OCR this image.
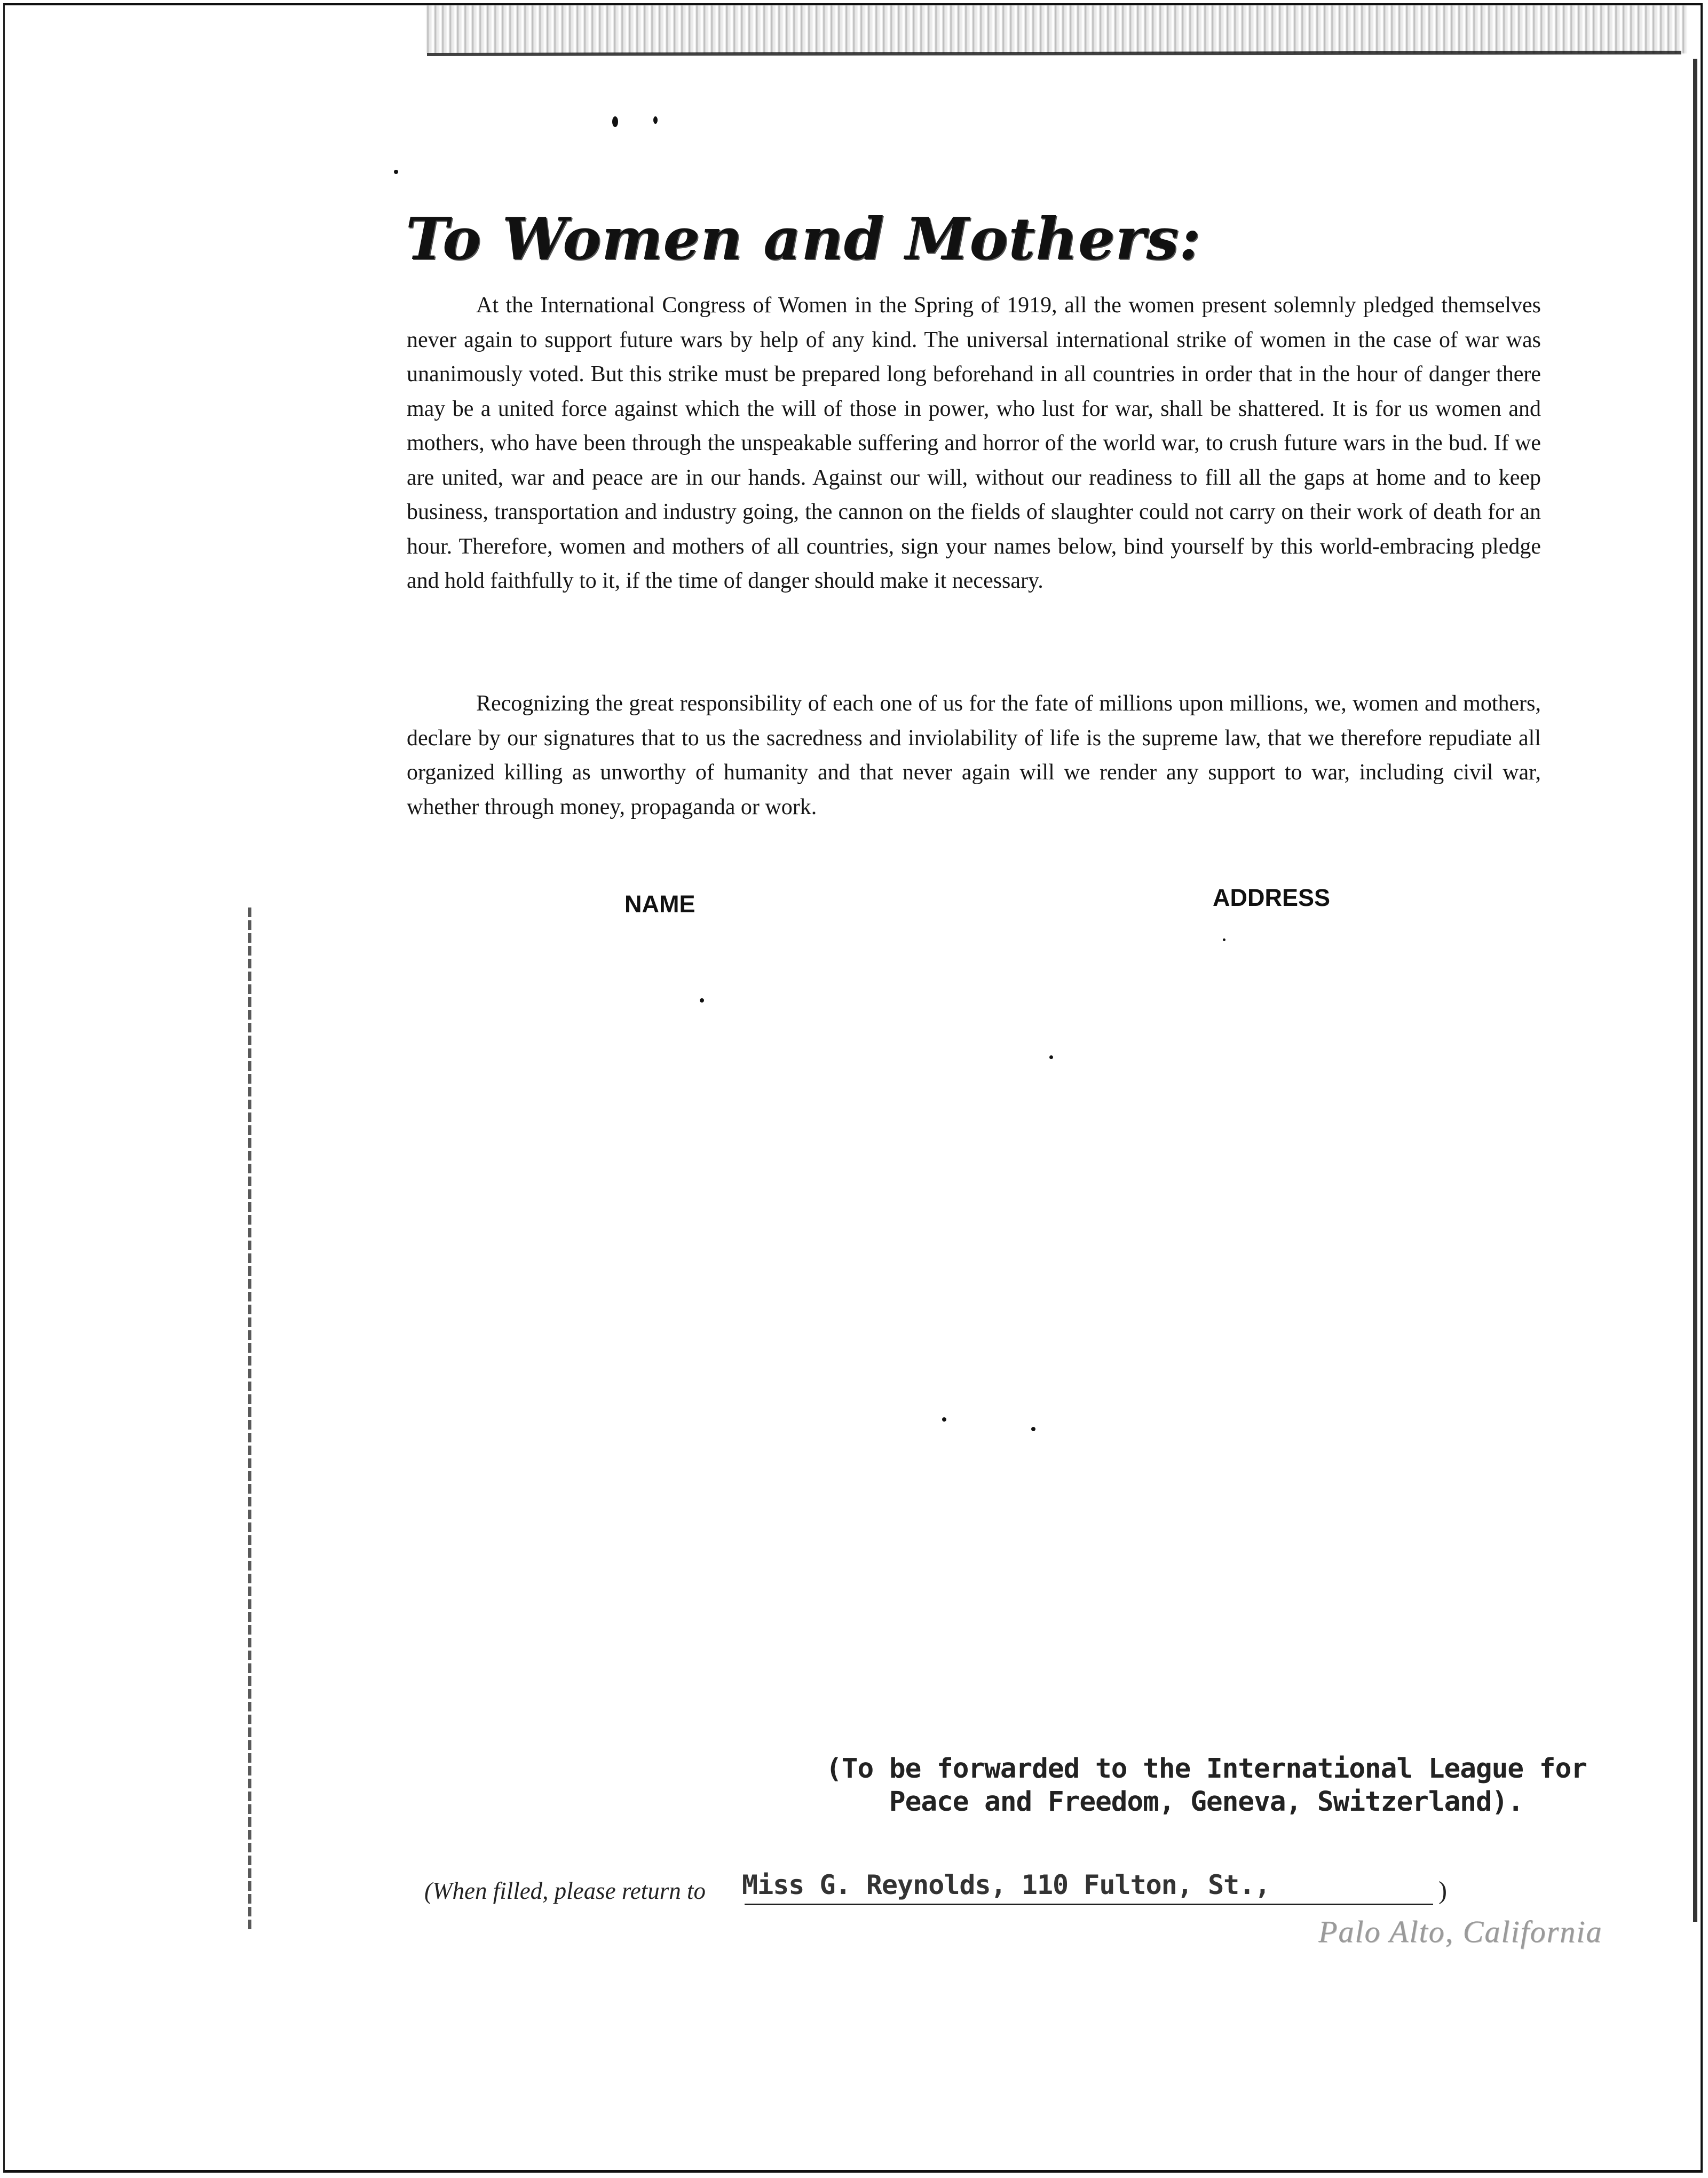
To Women and Mothers:

At the International Congress of Women in the Spring of 1919, all the women present solemnly pledged themselves never again to support future wars by help of any kind. The universal international strike of women in the case of war was unanimously voted. But this strike must be prepared long beforehand in all countries in order that in the hour of danger there may be a united force against which the will of those in power, who lust for war, shall be shattered. It is for us women and mothers, who have been through the unspeakable suffering and horror of the world war, to crush future wars in the bud. If we are united, war and peace are in our hands. Against our will, without our readiness to fill all the gaps at home and to keep business, transportation and industry going, the cannon on the fields of slaughter could not carry on their work of death for an hour. Therefore, women and mothers of all countries, sign your names below, bind yourself by this world-embracing pledge and hold faithfully to it, if the time of danger should make it necessary.

Recognizing the great responsibility of each one of us for the fate of millions upon millions, we, women and mothers, declare by our signatures that to us the sacredness and inviolability of life is the supreme law, that we therefore repudiate all organized killing as unworthy of humanity and that never again will we render any support to war, including civil war, whether through money, propaganda or work.

NAME	ADDRESS
(To be forwarded to the International League for Peace and Freedom, Geneva, Switzerland).
(When filled, please return to Miss G. Reynolds, 110 Fulton, St.,	)
Palo Alto, California
